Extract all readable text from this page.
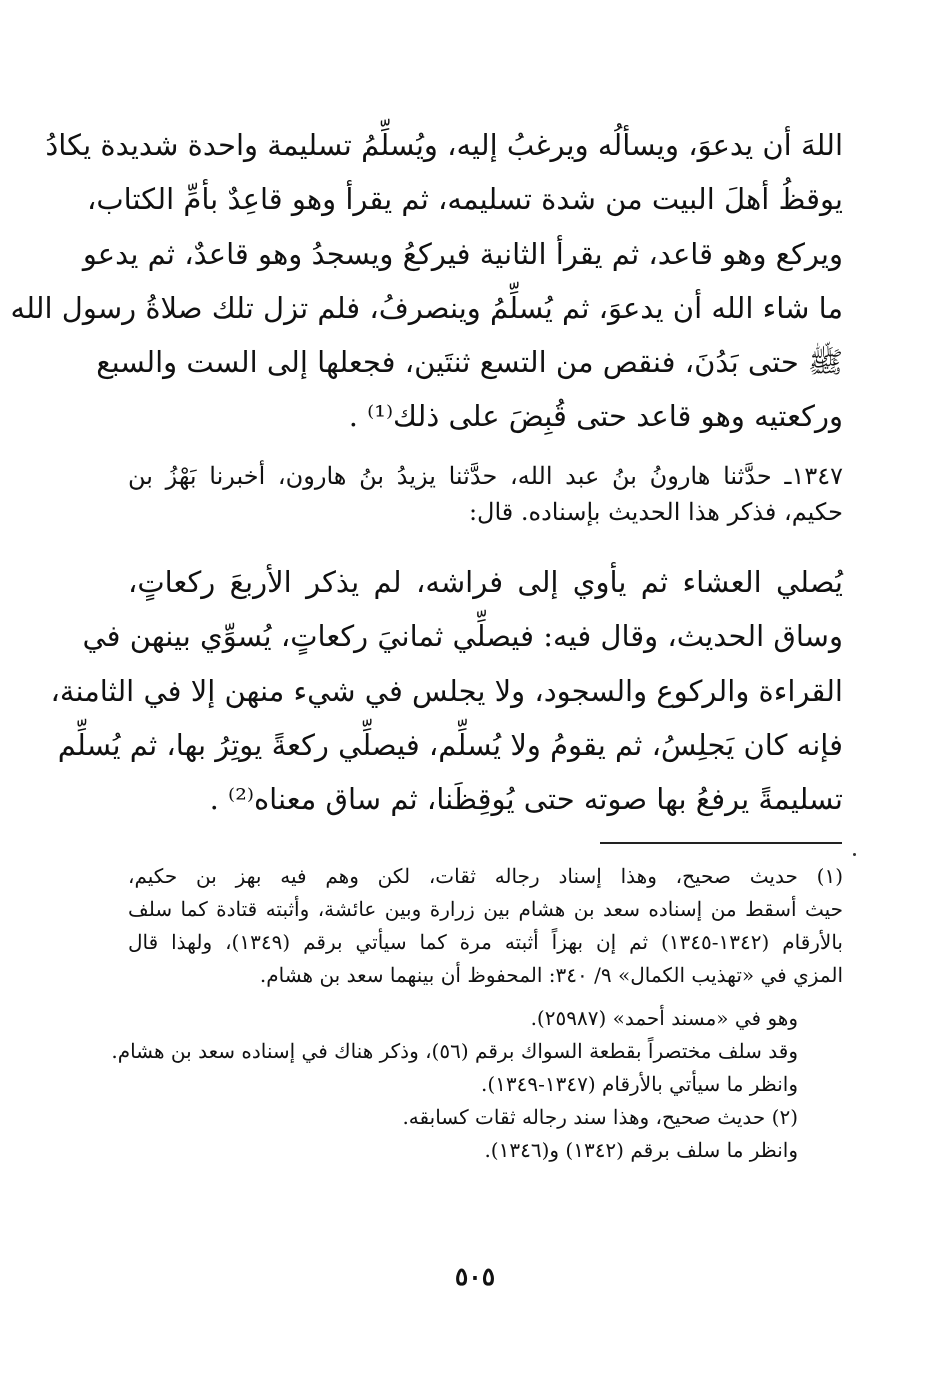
اللهَ أن يدعوَ، ويسألُه ويرغبُ إليه، ويُسلِّمُ تسليمة واحدة شديدة يكادُ
يوقظُ أهلَ البيت من شدة تسليمه، ثم يقرأ وهو قاعِدٌ بأمِّ الكتاب،
ويركع وهو قاعد، ثم يقرأ الثانية فيركعُ ويسجدُ وهو قاعدٌ، ثم يدعو
ما شاء الله أن يدعوَ، ثم يُسلِّمُ وينصرفُ، فلم تزل تلك صلاةُ رسول الله
ﷺ حتى بَدُنَ، فنقص من التسع ثنتَين، فجعلها إلى الست والسبع
وركعتيه وهو قاعد حتى قُبِضَ على ذلك⁽¹⁾ .
١٣٤٧ـ حدَّثنا هارونُ بنُ عبد الله، حدَّثنا يزيدُ بنُ هارون، أخبرنا بَهْزُ بن
حكيم، فذكر هذا الحديث بإسناده. قال:
يُصلي العشاء ثم يأوي إلى فراشه، لم يذكر الأربعَ ركعاتٍ،
وساق الحديث، وقال فيه: فيصلِّي ثمانيَ ركعاتٍ، يُسوِّي بينهن في
القراءة والركوع والسجود، ولا يجلس في شيء منهن إلا في الثامنة،
فإنه كان يَجلِسُ، ثم يقومُ ولا يُسلِّم، فيصلِّي ركعةً يوتِرُ بها، ثم يُسلِّم
تسليمةً يرفعُ بها صوته حتى يُوقِظَنا، ثم ساق معناه⁽²⁾ .
(١) حديث صحيح، وهذا إسناد رجاله ثقات، لكن وهم فيه بهز بن حكيم،
حيث أسقط من إسناده سعد بن هشام بين زرارة وبين عائشة، وأثبته قتادة كما سلف
بالأرقام (١٣٤٢-١٣٤٥) ثم إن بهزاً أثبته مرة كما سيأتي برقم (١٣٤٩)، ولهذا قال
المزي في «تهذيب الكمال» ٩/ ٣٤٠: المحفوظ أن بينهما سعد بن هشام.
وهو في «مسند أحمد» (٢٥٩٨٧).
وقد سلف مختصراً بقطعة السواك برقم (٥٦)، وذكر هناك في إسناده سعد بن هشام.
وانظر ما سيأتي بالأرقام (١٣٤٧-١٣٤٩).
(٢) حديث صحيح، وهذا سند رجاله ثقات كسابقه.
وانظر ما سلف برقم (١٣٤٢) و(١٣٤٦).
٥٠٥
